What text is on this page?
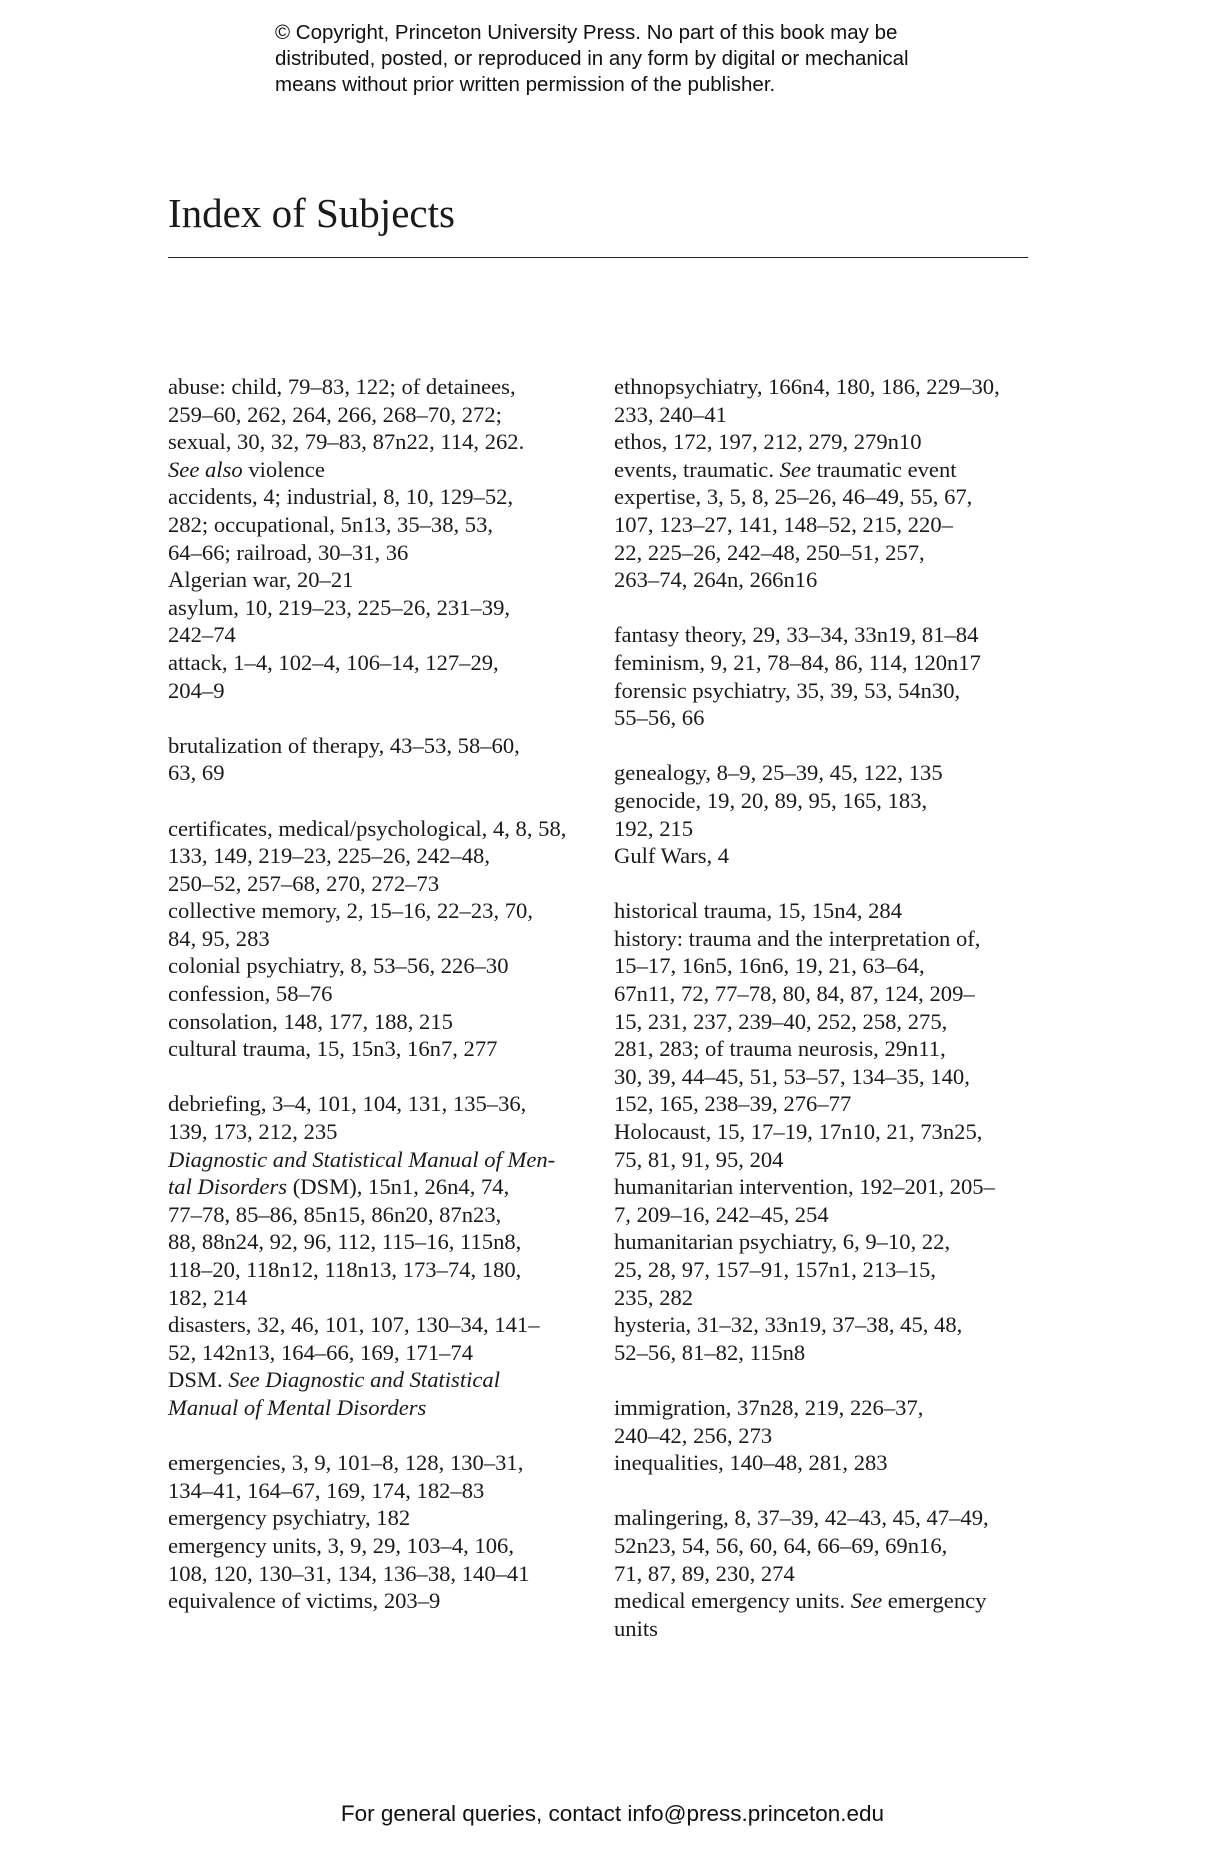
© Copyright, Princeton University Press. No part of this book may be
distributed, posted, or reproduced in any form by digital or mechanical
means without prior written permission of the publisher.
Index of Subjects
abuse: child, 79–83, 122; of detainees,
259–60, 262, 264, 266, 268–70, 272;
sexual, 30, 32, 79–83, 87n22, 114, 262.
See also violence
accidents, 4; industrial, 8, 10, 129–52,
282; occupational, 5n13, 35–38, 53,
64–66; railroad, 30–31, 36
Algerian war, 20–21
asylum, 10, 219–23, 225–26, 231–39,
242–74
attack, 1–4, 102–4, 106–14, 127–29,
204–9
brutalization of therapy, 43–53, 58–60,
63, 69
certificates, medical/psychological, 4, 8, 58,
133, 149, 219–23, 225–26, 242–48,
250–52, 257–68, 270, 272–73
collective memory, 2, 15–16, 22–23, 70,
84, 95, 283
colonial psychiatry, 8, 53–56, 226–30
confession, 58–76
consolation, 148, 177, 188, 215
cultural trauma, 15, 15n3, 16n7, 277
debriefing, 3–4, 101, 104, 131, 135–36,
139, 173, 212, 235
Diagnostic and Statistical Manual of Men-
tal Disorders (DSM), 15n1, 26n4, 74,
77–78, 85–86, 85n15, 86n20, 87n23,
88, 88n24, 92, 96, 112, 115–16, 115n8,
118–20, 118n12, 118n13, 173–74, 180,
182, 214
disasters, 32, 46, 101, 107, 130–34, 141–
52, 142n13, 164–66, 169, 171–74
DSM. See Diagnostic and Statistical
Manual of Mental Disorders
emergencies, 3, 9, 101–8, 128, 130–31,
134–41, 164–67, 169, 174, 182–83
emergency psychiatry, 182
emergency units, 3, 9, 29, 103–4, 106,
108, 120, 130–31, 134, 136–38, 140–41
equivalence of victims, 203–9
ethnopsychiatry, 166n4, 180, 186, 229–30,
233, 240–41
ethos, 172, 197, 212, 279, 279n10
events, traumatic. See traumatic event
expertise, 3, 5, 8, 25–26, 46–49, 55, 67,
107, 123–27, 141, 148–52, 215, 220–
22, 225–26, 242–48, 250–51, 257,
263–74, 264n, 266n16
fantasy theory, 29, 33–34, 33n19, 81–84
feminism, 9, 21, 78–84, 86, 114, 120n17
forensic psychiatry, 35, 39, 53, 54n30,
55–56, 66
genealogy, 8–9, 25–39, 45, 122, 135
genocide, 19, 20, 89, 95, 165, 183,
192, 215
Gulf Wars, 4
historical trauma, 15, 15n4, 284
history: trauma and the interpretation of,
15–17, 16n5, 16n6, 19, 21, 63–64,
67n11, 72, 77–78, 80, 84, 87, 124, 209–
15, 231, 237, 239–40, 252, 258, 275,
281, 283; of trauma neurosis, 29n11,
30, 39, 44–45, 51, 53–57, 134–35, 140,
152, 165, 238–39, 276–77
Holocaust, 15, 17–19, 17n10, 21, 73n25,
75, 81, 91, 95, 204
humanitarian intervention, 192–201, 205–
7, 209–16, 242–45, 254
humanitarian psychiatry, 6, 9–10, 22,
25, 28, 97, 157–91, 157n1, 213–15,
235, 282
hysteria, 31–32, 33n19, 37–38, 45, 48,
52–56, 81–82, 115n8
immigration, 37n28, 219, 226–37,
240–42, 256, 273
inequalities, 140–48, 281, 283
malingering, 8, 37–39, 42–43, 45, 47–49,
52n23, 54, 56, 60, 64, 66–69, 69n16,
71, 87, 89, 230, 274
medical emergency units. See emergency
units
For general queries, contact info@press.princeton.edu
